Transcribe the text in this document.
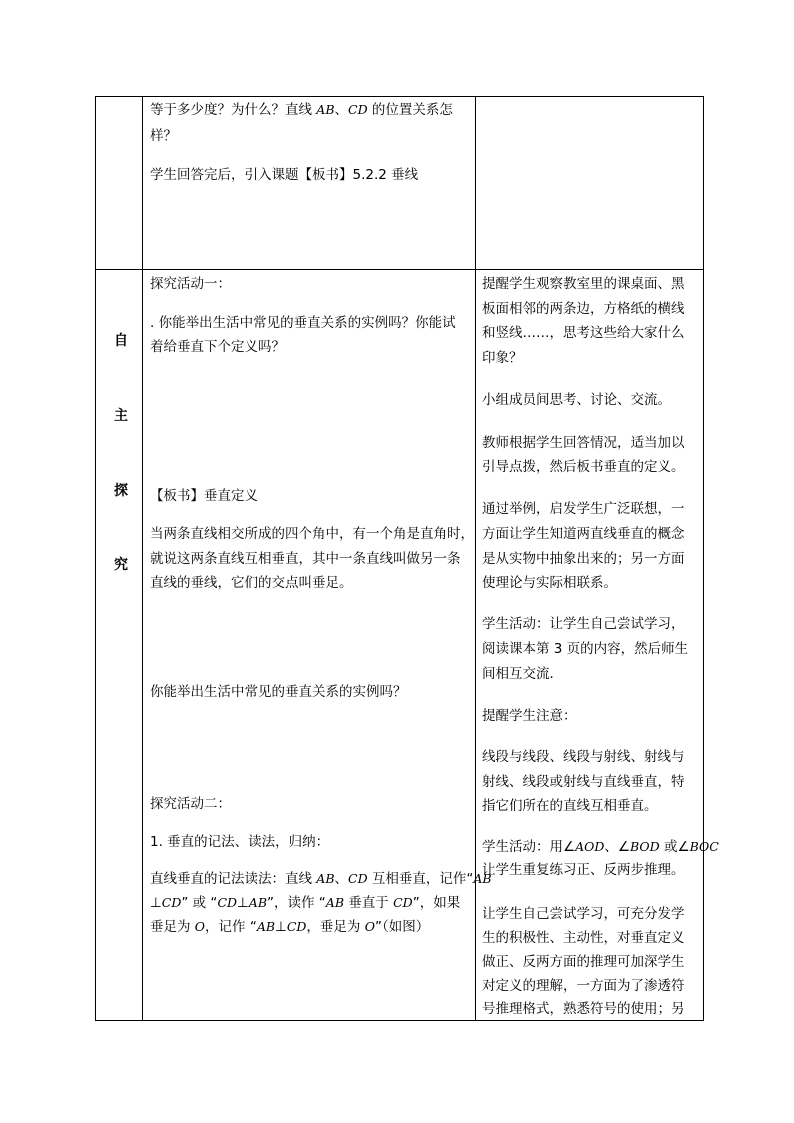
自
主
探
究
等于多少度？为什么？直线 AB、CD 的位置关系怎
样？
学生回答完后，引入课题【板书】5.2.2 垂线
探究活动一：
. 你能举出生活中常见的垂直关系的实例吗？你能试
着给垂直下个定义吗？
【板书】垂直定义
当两条直线相交所成的四个角中，有一个角是直角时，
就说这两条直线互相垂直，其中一条直线叫做另一条
直线的垂线，它们的交点叫垂足。
你能举出生活中常见的垂直关系的实例吗？
探究活动二：
1. 垂直的记法、读法，归纳：
直线垂直的记法读法：直线 AB、CD 互相垂直，记作“AB
⊥CD” 或 “CD⊥AB”，读作 “AB 垂直于 CD”，如果
垂足为 O，记作 “AB⊥CD，垂足为 O”（如图）
提醒学生观察教室里的课桌面、黑
板面相邻的两条边，方格纸的横线
和竖线……，思考这些给大家什么
印象？
小组成员间思考、讨论、交流。
教师根据学生回答情况，适当加以
引导点拨，然后板书垂直的定义。
通过举例，启发学生广泛联想，一
方面让学生知道两直线垂直的概念
是从实物中抽象出来的；另一方面
使理论与实际相联系。
学生活动：让学生自己尝试学习，
阅读课本第 3 页的内容，然后师生
间相互交流．
提醒学生注意：
线段与线段、线段与射线、射线与
射线、线段或射线与直线垂直，特
指它们所在的直线互相垂直。
学生活动：用∠AOD、∠BOD 或∠BOC
让学生重复练习正、反两步推理。
让学生自己尝试学习，可充分发学
生的积极性、主动性，对垂直定义
做正、反两方面的推理可加深学生
对定义的理解，一方面为了渗透符
号推理格式，熟悉符号的使用；另
